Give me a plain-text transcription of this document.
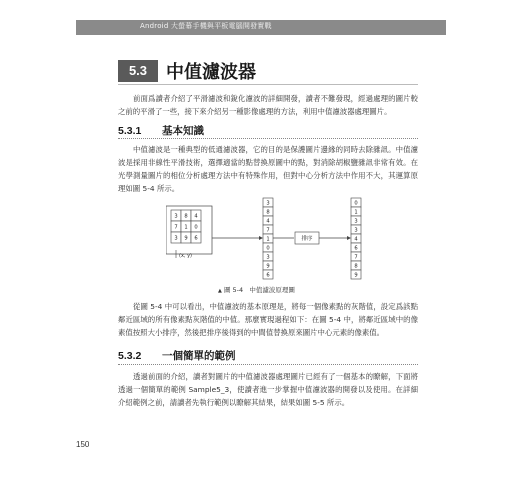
Android 大螢幕手機與平板電腦開發實戰
5.3	中值濾波器
前面爲讀者介紹了平滑濾波和銳化濾波的詳細開發，讀者不難發現，經過處理的圖片較之前的平滑了一些，接下來介紹另一種影像處理的方法，利用中值濾波器處理圖片。
5.3.1 基本知識
中值濾波是一種典型的低通濾波器，它的目的是保護圖片邊緣的同時去除雜訊。中值濾波是採用非線性平滑技術，選擇適當的點替換原圖中的點，對消除胡椒鹽雜訊非常有效。在光學測量圖片的相位分析處理方法中有特殊作用，但對中心分析方法中作用不大，其運算原理如圖 5-4 所示。
3 8 4
7 1 0
3 9 6
(x, y)
3
8
4
7
1
0
3
9
6
排序
0
1
3
3
4
6
7
8
9
▲ 圖 5-4 中值濾波原理圖
從圖 5-4 中可以看出，中值濾波的基本原理是，將每一個像素點的灰階值，設定爲該點鄰近區域的所有像素點灰階值的中值。那麼實現過程如下：在圖 5-4 中，將鄰近區域中的像素值按照大小排序，然後把排序後得到的中間值替換原來圖片中心元素的像素值。
5.3.2 一個簡單的範例
透過前面的介紹，讀者對圖片的中值濾波器處理圖片已經有了一個基本的瞭解，下面將透過一個簡單的範例 Sample5_3，使讀者進一步掌握中值濾波器的開發以及使用。在詳細介紹範例之前，請讀者先執行範例以瞭解其結果，結果如圖 5-5 所示。
150
